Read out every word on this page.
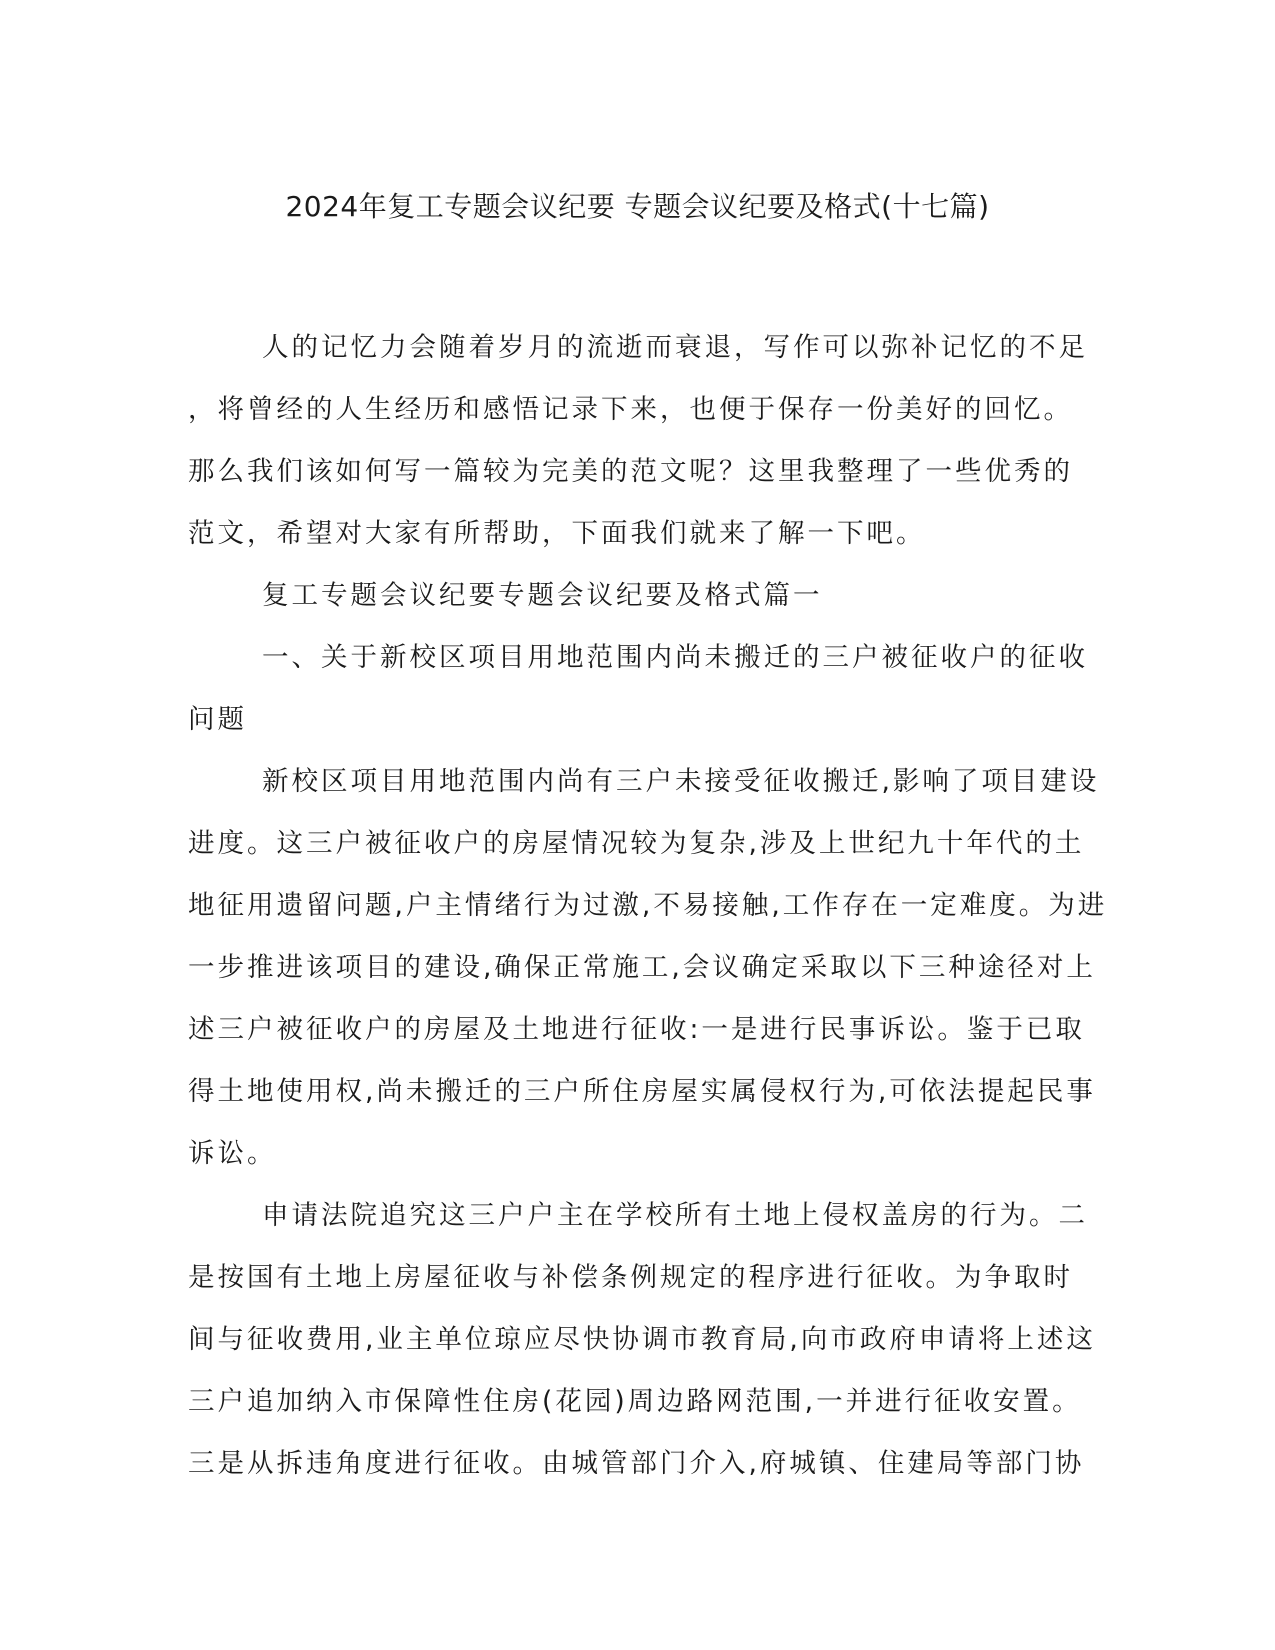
2024年复工专题会议纪要 专题会议纪要及格式(十七篇)
人的记忆力会随着岁月的流逝而衰退，写作可以弥补记忆的不足
，将曾经的人生经历和感悟记录下来，也便于保存一份美好的回忆。
那么我们该如何写一篇较为完美的范文呢？这里我整理了一些优秀的
范文，希望对大家有所帮助，下面我们就来了解一下吧。
复工专题会议纪要专题会议纪要及格式篇一
一、关于新校区项目用地范围内尚未搬迁的三户被征收户的征收
问题
新校区项目用地范围内尚有三户未接受征收搬迁,影响了项目建设
进度。这三户被征收户的房屋情况较为复杂,涉及上世纪九十年代的土
地征用遗留问题,户主情绪行为过激,不易接触,工作存在一定难度。为进
一步推进该项目的建设,确保正常施工,会议确定采取以下三种途径对上
述三户被征收户的房屋及土地进行征收:一是进行民事诉讼。鉴于已取
得土地使用权,尚未搬迁的三户所住房屋实属侵权行为,可依法提起民事
诉讼。
申请法院追究这三户户主在学校所有土地上侵权盖房的行为。二
是按国有土地上房屋征收与补偿条例规定的程序进行征收。为争取时
间与征收费用,业主单位琼应尽快协调市教育局,向市政府申请将上述这
三户追加纳入市保障性住房(花园)周边路网范围,一并进行征收安置。
三是从拆违角度进行征收。由城管部门介入,府城镇、住建局等部门协
